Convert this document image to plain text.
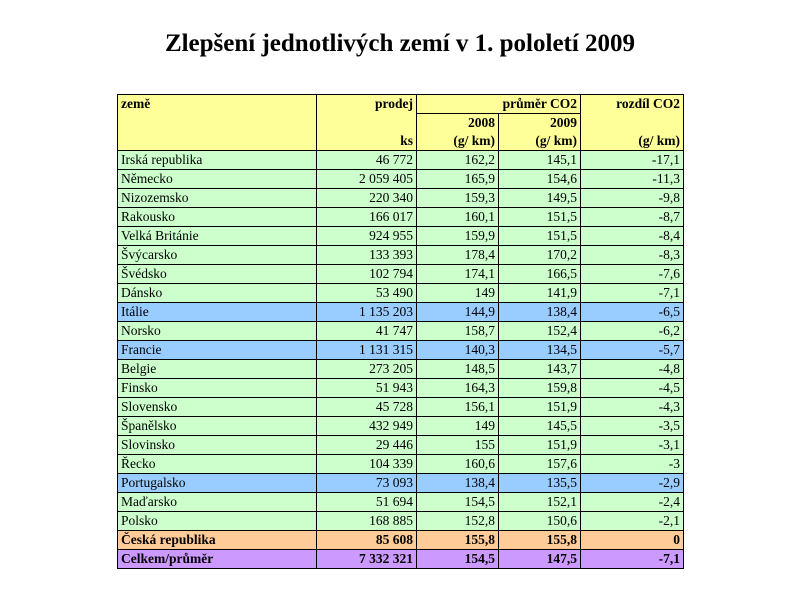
Zlepšení jednotlivých zemí v 1. pololetí 2009
země	prodej	průměr CO2		rozdíl CO2
		2008	2009	
	ks	(g/ km)	(g/ km)	(g/ km)
Irská republika	46 772	162,2	145,1	-17,1
Německo	2 059 405	165,9	154,6	-11,3
Nizozemsko	220 340	159,3	149,5	-9,8
Rakousko	166 017	160,1	151,5	-8,7
Velká Británie	924 955	159,9	151,5	-8,4
Švýcarsko	133 393	178,4	170,2	-8,3
Švédsko	102 794	174,1	166,5	-7,6
Dánsko	53 490	149	141,9	-7,1
Itálie	1 135 203	144,9	138,4	-6,5
Norsko	41 747	158,7	152,4	-6,2
Francie	1 131 315	140,3	134,5	-5,7
Belgie	273 205	148,5	143,7	-4,8
Finsko	51 943	164,3	159,8	-4,5
Slovensko	45 728	156,1	151,9	-4,3
Španělsko	432 949	149	145,5	-3,5
Slovinsko	29 446	155	151,9	-3,1
Řecko	104 339	160,6	157,6	-3
Portugalsko	73 093	138,4	135,5	-2,9
Maďarsko	51 694	154,5	152,1	-2,4
Polsko	168 885	152,8	150,6	-2,1
Česká republika	85 608	155,8	155,8	0
Celkem/průměr	7 332 321	154,5	147,5	-7,1
